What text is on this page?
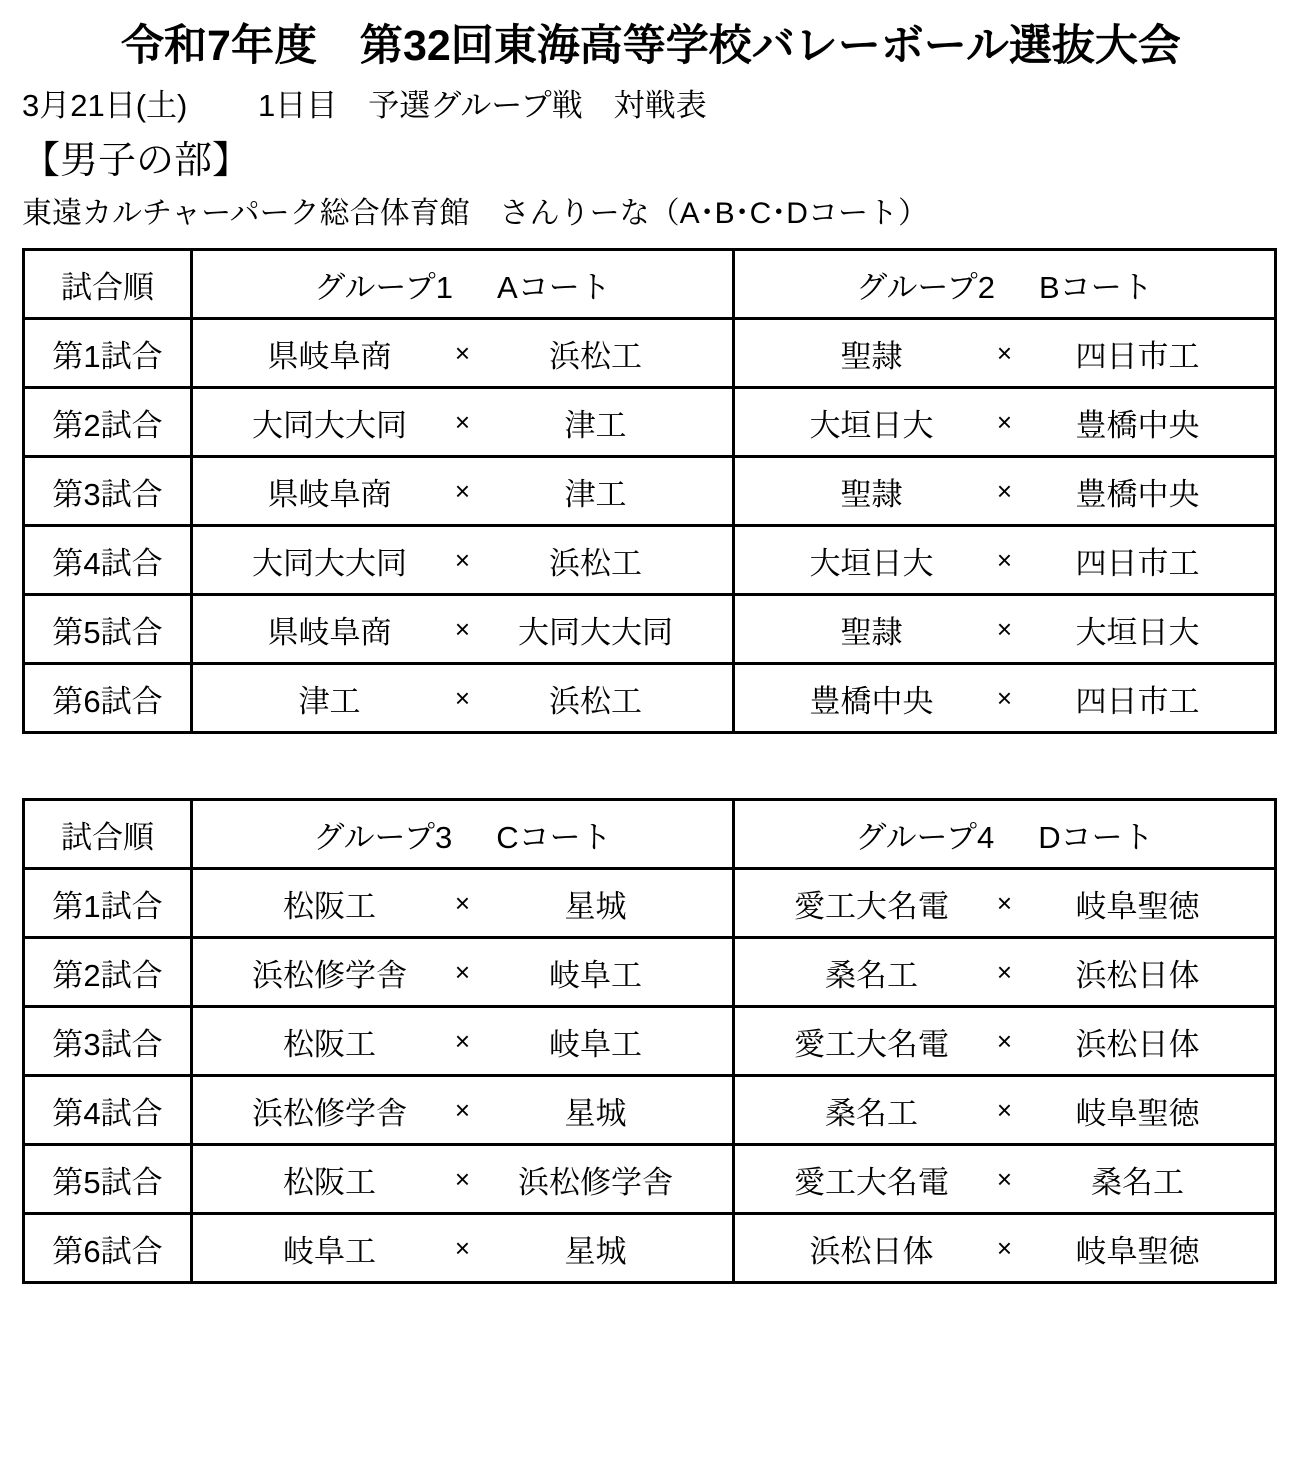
令和7年度　第32回東海高等学校バレーボール選抜大会
3月21日(土)	1日目　予選グループ戦　対戦表
【男子の部】
東遠カルチャーパーク総合体育館　さんりーな（A･B･C･Dコート）
試合順	グループ1 Aコート	グループ2 Bコート

第1試合	県岐阜商 × 浜松工	聖隷 × 四日市工

第2試合	大同大大同 × 津工	大垣日大 × 豊橋中央

第3試合	県岐阜商 × 津工	聖隷 × 豊橋中央

第4試合	大同大大同 × 浜松工	大垣日大 × 四日市工

第5試合	県岐阜商 × 大同大大同	聖隷 × 大垣日大

第6試合	津工 × 浜松工	豊橋中央 × 四日市工
試合順	グループ3 Cコート	グループ4 Dコート

第1試合	松阪工 × 星城	愛工大名電 × 岐阜聖徳

第2試合	浜松修学舎 × 岐阜工	桑名工 × 浜松日体

第3試合	松阪工 × 岐阜工	愛工大名電 × 浜松日体

第4試合	浜松修学舎 × 星城	桑名工 × 岐阜聖徳

第5試合	松阪工 × 浜松修学舎	愛工大名電 × 桑名工

第6試合	岐阜工 × 星城	浜松日体 × 岐阜聖徳
